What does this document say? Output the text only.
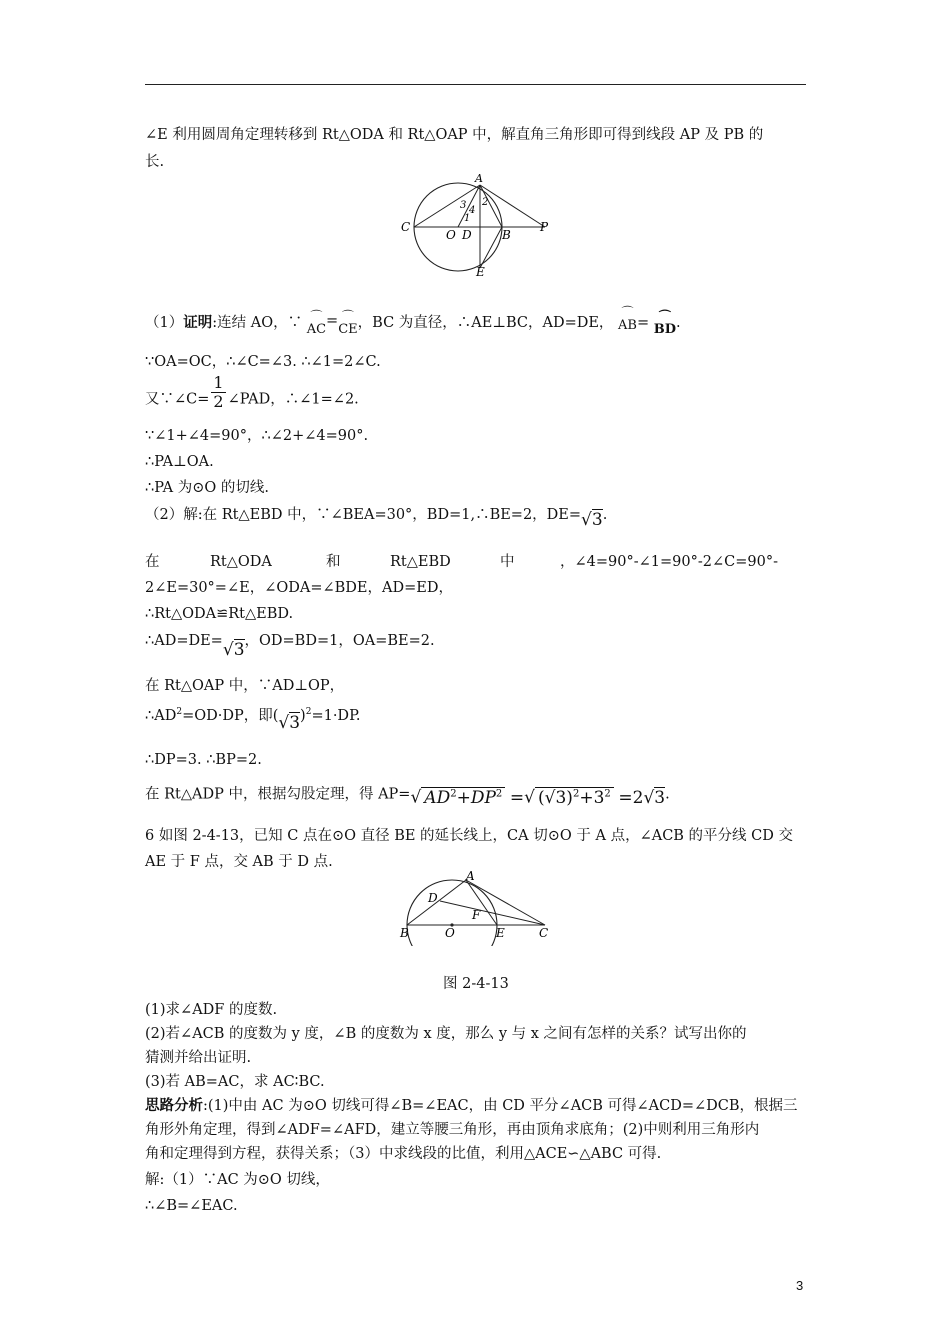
∠E 利用圆周角定理转移到 Rt△ODA 和 Rt△OAP 中，解直角三角形即可得到线段 AP 及 PB 的
长.
A
C
O D	B
P
E
1
2
3 4
（1）证明:连结 AO，∵ ⌒
AC= ⌒
CE，BC 为直径，∴AE⊥BC，AD=DE，
⌒
AB= ⌒
BD.
∵OA=OC，∴∠C=∠3. ∴∠1=2∠C.
又∵∠C= $\frac{1}{2}$ ∠PAD，∴∠1=∠2.
∵∠1+∠4=90°，∴∠2+∠4=90°.
∴PA⊥OA.
∴PA 为⊙O 的切线.
（2）解:在 Rt△EBD 中，∵∠BEA=30°，BD=1,∴BE=2，DE=√3.
在	Rt△ODA	和	Rt△EBD	中	，∠4=90°-∠1=90°-2∠C=90°-
2∠E=30°=∠E，∠ODA=∠BDE，AD=ED，
∴Rt△ODA≌Rt△EBD.
∴AD=DE=√3，OD=BD=1，OA=BE=2.
在 Rt△OAP 中，∵AD⊥OP，
$\therefore AD^2=OD\cdot DP$，即$(√3)^2=1\cdot DP$.
∴DP=3. ∴BP=2.
在 Rt△ADP 中，根据勾股定理，得 AP=√ $AD^2+DP^2$ =√ $(√3)^2+3^2 =2√3$.
6 如图 2-4-13，已知 C 点在⊙O 直径 BE 的延长线上，CA 切⊙O 于 A 点，∠ACB 的平分线 CD 交
AE 于 F 点，交 AB 于 D 点.
A
D
F
B	O	E	C
图 2-4-13
(1)求∠ADF 的度数.
(2)若∠ACB 的度数为 y 度，∠B 的度数为 x 度，那么 y 与 x 之间有怎样的关系？试写出你的
猜测并给出证明.
(3)若 AB=AC，求 AC∶BC.
思路分析:(1)中由 AC 为⊙O 切线可得∠B=∠EAC，由 CD 平分∠ACB 可得∠ACD=∠DCB，根据三
角形外角定理，得到∠ADF=∠AFD，建立等腰三角形，再由顶角求底角；(2)中则利用三角形内
角和定理得到方程，获得关系；（3）中求线段的比值，利用△ACE∽△ABC 可得.
解:（1）∵AC 为⊙O 切线，
∴∠B=∠EAC.
3
